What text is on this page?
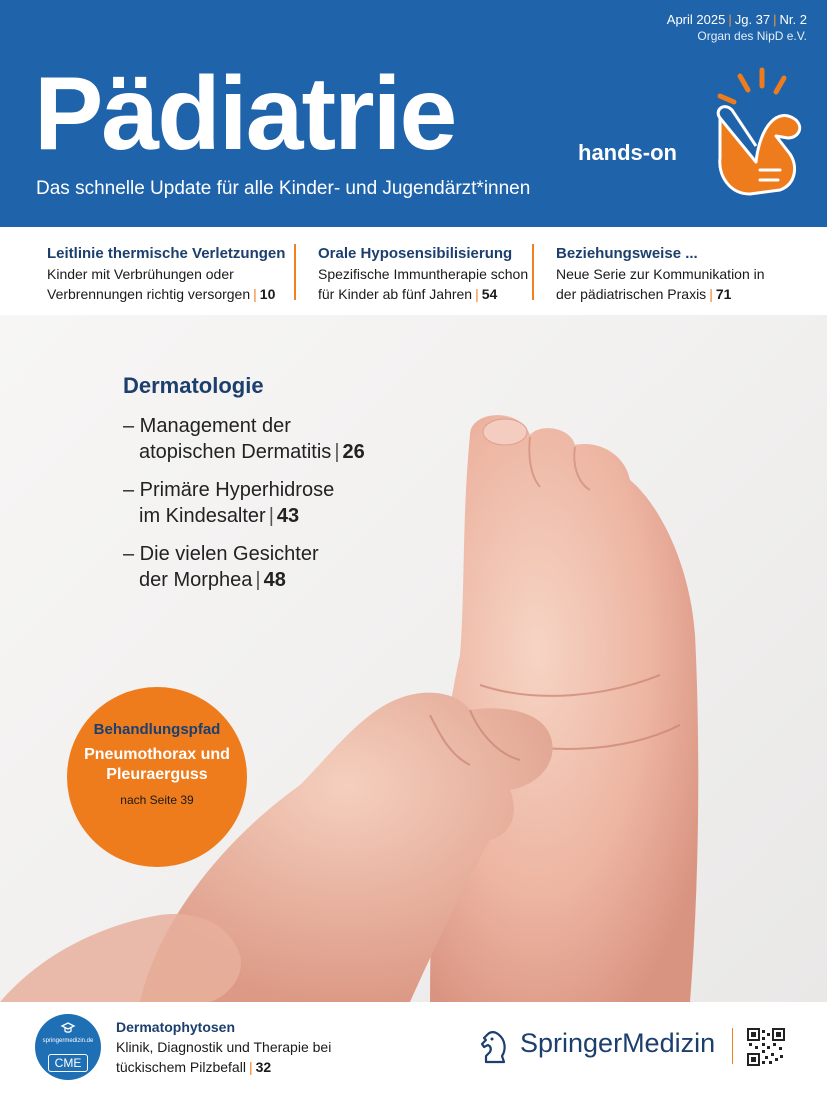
April 2025 | Jg. 37 | Nr. 2
Organ des NipD e.V.
Pädiatrie
Das schnelle Update für alle Kinder- und Jugendärzt*innen
hands-on
Leitlinie thermische Verletzungen
Kinder mit Verbrühungen oder
Verbrennungen richtig versorgen | 10
Orale Hyposensibilisierung
Spezifische Immuntherapie schon
für Kinder ab fünf Jahren | 54
Beziehungsweise ...
Neue Serie zur Kommunikation in
der pädiatrischen Praxis | 71
Dermatologie
– Management der
atopischen Dermatitis | 26
– Primäre Hyperhidrose
im Kindesalter | 43
– Die vielen Gesichter
der Morphea | 48
Behandlungspfad
Pneumothorax und
Pleuraerguss
nach Seite 39
springermedizin.de
CME
Dermatophytosen
Klinik, Diagnostik und Therapie bei
tückischem Pilzbefall | 32
SpringerMedizin
